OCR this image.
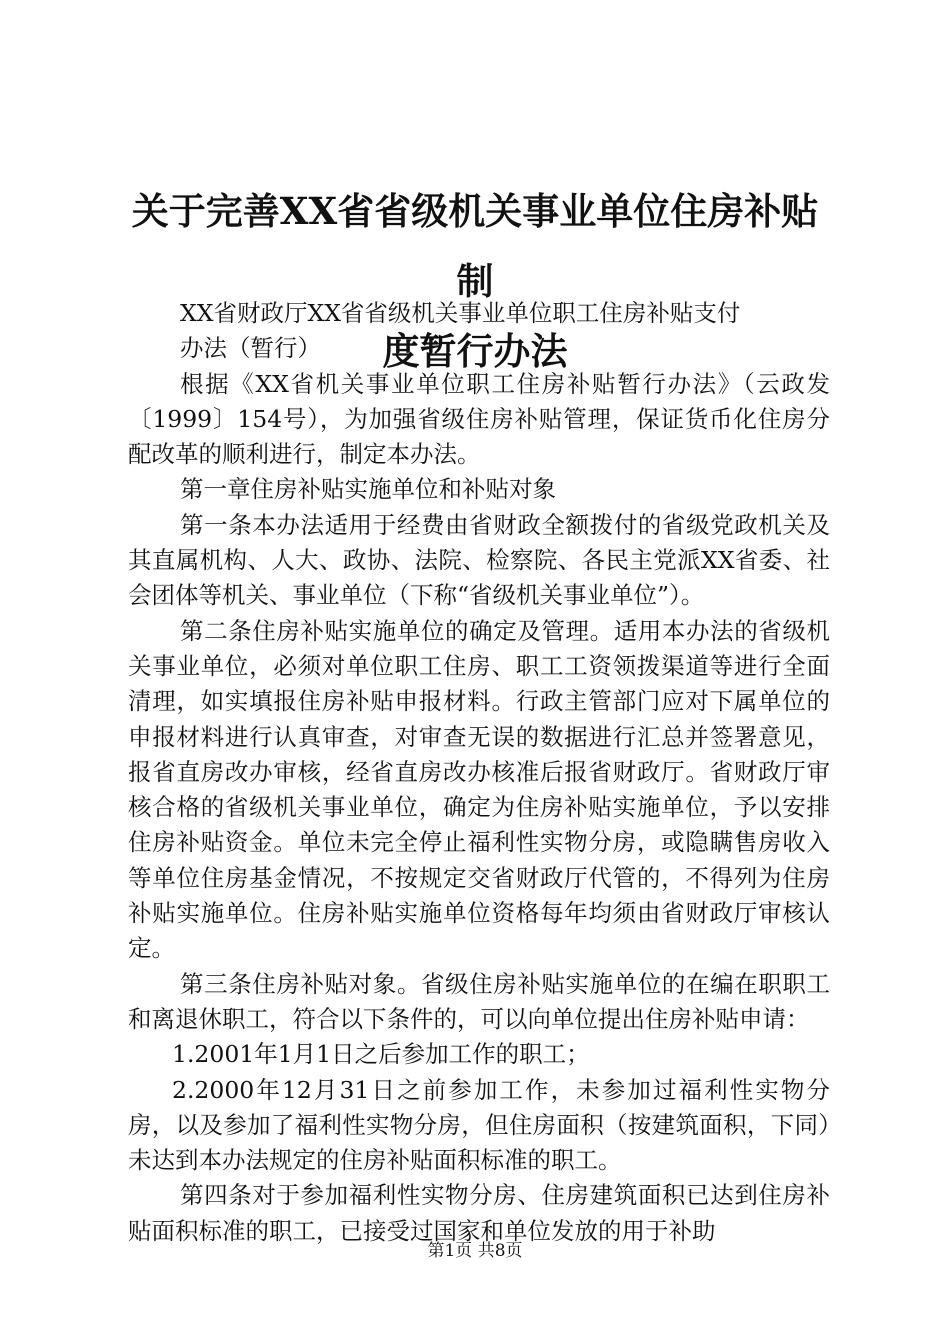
关于完善XX省省级机关事业单位住房补贴制
度暂行办法

XX省财政厅XX省省级机关事业单位职工住房补贴支付

办法（暂行）

根据《XX省机关事业单位职工住房补贴暂行办法》（云政发〔1999〕154号），为加强省级住房补贴管理，保证货币化住房分配改革的顺利进行，制定本办法。

第一章住房补贴实施单位和补贴对象

第一条本办法适用于经费由省财政全额拨付的省级党政机关及其直属机构、人大、政协、法院、检察院、各民主党派XX省委、社会团体等机关、事业单位（下称“省级机关事业单位”）。

第二条住房补贴实施单位的确定及管理。适用本办法的省级机关事业单位，必须对单位职工住房、职工工资领拨渠道等进行全面清理，如实填报住房补贴申报材料。行政主管部门应对下属单位的申报材料进行认真审查，对审查无误的数据进行汇总并签署意见，报省直房改办审核，经省直房改办核准后报省财政厅。省财政厅审核合格的省级机关事业单位，确定为住房补贴实施单位，予以安排住房补贴资金。单位未完全停止福利性实物分房，或隐瞒售房收入等单位住房基金情况，不按规定交省财政厅代管的，不得列为住房补贴实施单位。住房补贴实施单位资格每年均须由省财政厅审核认定。

第三条住房补贴对象。省级住房补贴实施单位的在编在职职工和离退休职工，符合以下条件的，可以向单位提出住房补贴申请：

1.2001年1月1日之后参加工作的职工；

2.2000年12月31日之前参加工作，未参加过福利性实物分房，以及参加了福利性实物分房，但住房面积（按建筑面积，下同）未达到本办法规定的住房补贴面积标准的职工。

第四条对于参加福利性实物分房、住房建筑面积已达到住房补贴面积标准的职工，已接受过国家和单位发放的用于补助

第1页 共8页
